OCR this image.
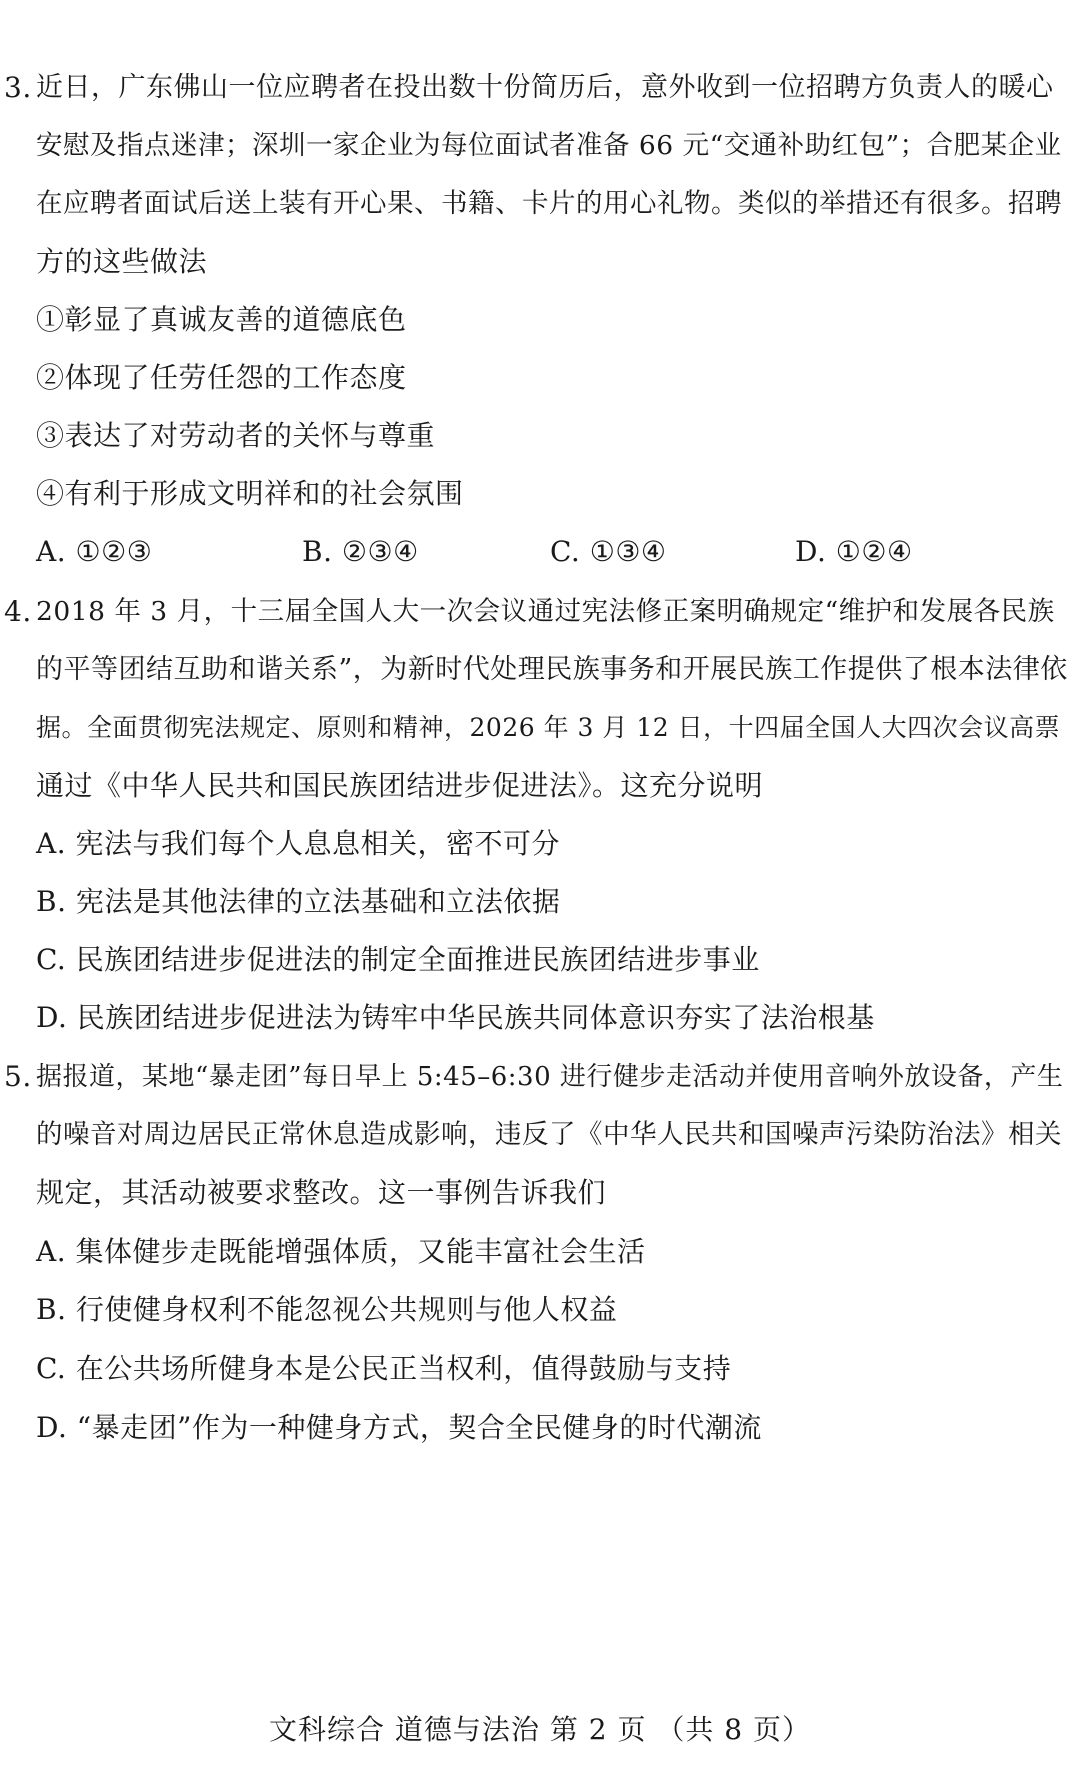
3. 近日，广东佛山一位应聘者在投出数十份简历后，意外收到一位招聘方负责人的暖心
安慰及指点迷津；深圳一家企业为每位面试者准备 66 元“交通补助红包”；合肥某企业
在应聘者面试后送上装有开心果、书籍、卡片的用心礼物。类似的举措还有很多。招聘
方的这些做法
①彰显了真诚友善的道德底色
②体现了任劳任怨的工作态度
③表达了对劳动者的关怀与尊重
④有利于形成文明祥和的社会氛围
A. ①②③	B. ②③④	C. ①③④	D. ①②④
4. 2018 年 3 月，十三届全国人大一次会议通过宪法修正案明确规定“维护和发展各民族
的平等团结互助和谐关系”，为新时代处理民族事务和开展民族工作提供了根本法律依
据。全面贯彻宪法规定、原则和精神，2026 年 3 月 12 日，十四届全国人大四次会议高票
通过《中华人民共和国民族团结进步促进法》。这充分说明
A. 宪法与我们每个人息息相关，密不可分
B. 宪法是其他法律的立法基础和立法依据
C. 民族团结进步促进法的制定全面推进民族团结进步事业
D. 民族团结进步促进法为铸牢中华民族共同体意识夯实了法治根基
5. 据报道，某地“暴走团”每日早上 5:45–6:30 进行健步走活动并使用音响外放设备，产生
的噪音对周边居民正常休息造成影响，违反了《中华人民共和国噪声污染防治法》相关
规定，其活动被要求整改。这一事例告诉我们
A. 集体健步走既能增强体质，又能丰富社会生活
B. 行使健身权利不能忽视公共规则与他人权益
C. 在公共场所健身本是公民正当权利，值得鼓励与支持
D. “暴走团”作为一种健身方式，契合全民健身的时代潮流
文科综合 道德与法治 第 2 页 （共 8 页）
